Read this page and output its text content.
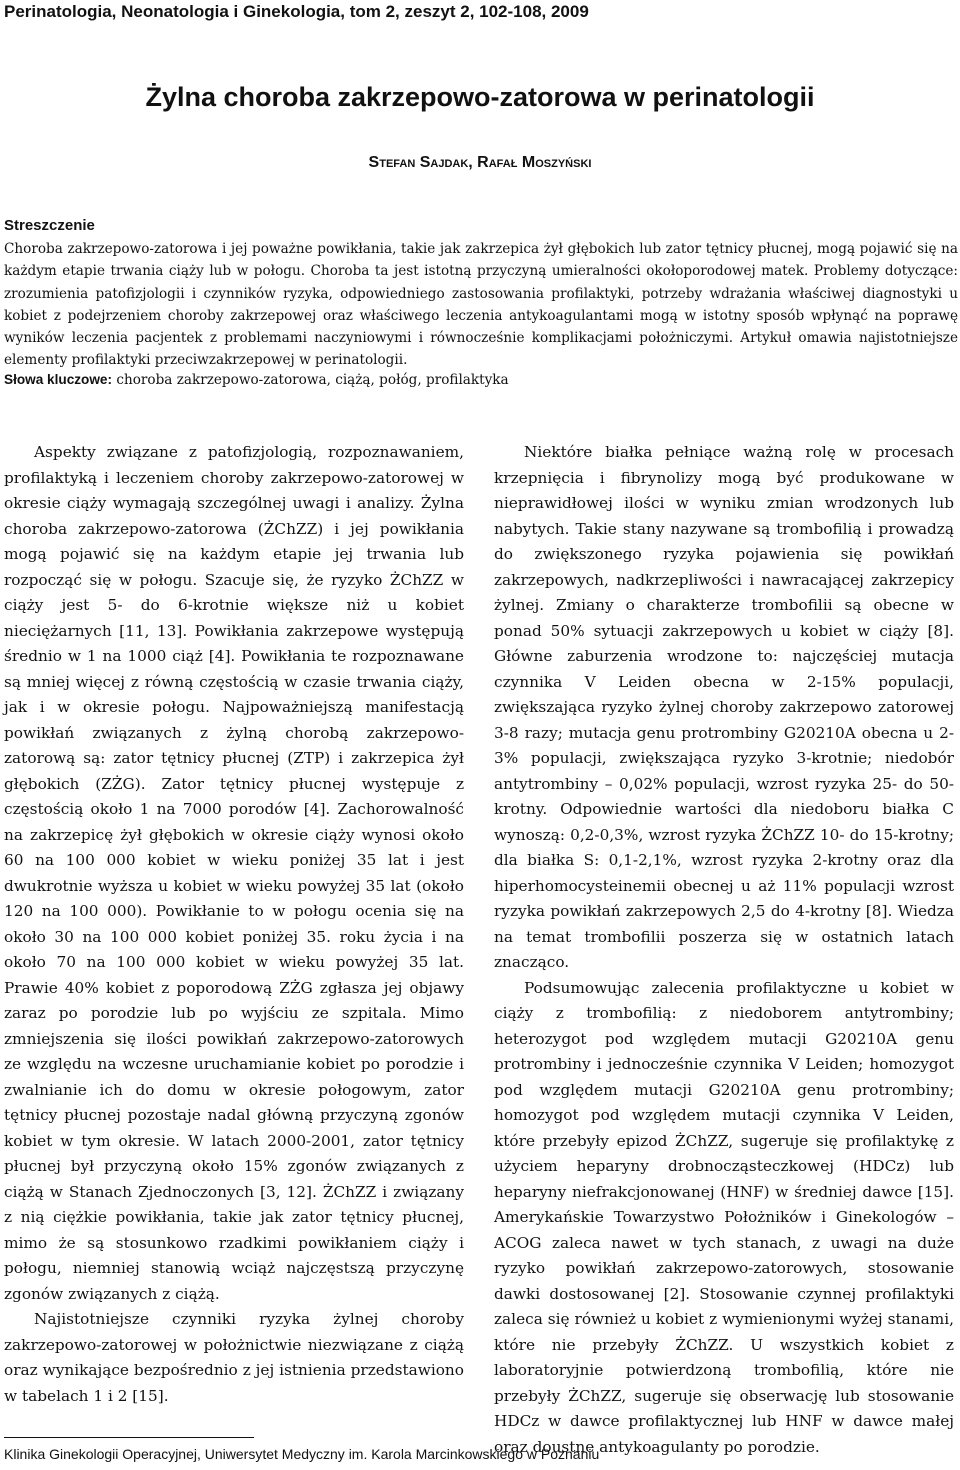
Perinatologia, Neonatologia i Ginekologia, tom 2, zeszyt 2, 102-108, 2009
Żylna choroba zakrzepowo-zatorowa w perinatologii
Stefan Sajdak, Rafał Moszyński
Streszczenie
Choroba zakrzepowo-zatorowa i jej poważne powikłania, takie jak zakrzepica żył głębokich lub zator tętnicy płucnej, mogą pojawić się na każdym etapie trwania ciąży lub w połogu. Choroba ta jest istotną przyczyną umieralności okołoporodowej matek. Problemy dotyczące: zrozumienia patofizjologii i czynników ryzyka, odpowiedniego zastosowania profilaktyki, potrzeby wdrażania właściwej diagnostyki u kobiet z podejrzeniem choroby zakrzepowej oraz właściwego leczenia antykoagulantami mogą w istotny sposób wpłynąć na poprawę wyników leczenia pacjentek z problemami naczyniowymi i równocześnie komplikacjami położniczymi. Artykuł omawia najistotniejsze elementy profilaktyki przeciwzakrzepowej w perinatologii.
Słowa kluczowe: choroba zakrzepowo-zatorowa, ciążą, połóg, profilaktyka

Aspekty związane z patofizjologią, rozpoznawaniem, profilaktyką i leczeniem choroby zakrzepowo-zatorowej w okresie ciąży wymagają szczególnej uwagi i analizy. Żylna choroba zakrzepowo-zatorowa (ŻChZZ) i jej powikłania mogą pojawić się na każdym etapie jej trwania lub rozpocząć się w połogu. Szacuje się, że ryzyko ŻChZZ w ciąży jest 5- do 6-krotnie większe niż u kobiet nieciężarnych [11, 13]. Powikłania zakrzepowe występują średnio w 1 na 1000 ciąż [4]. Powikłania te rozpoznawane są mniej więcej z równą częstością w czasie trwania ciąży, jak i w okresie połogu. Najpoważniejszą manifestacją powikłań związanych z żylną chorobą zakrzepowo-zatorową są: zator tętnicy płucnej (ZTP) i zakrzepica żył głębokich (ZŻG). Zator tętnicy płucnej występuje z częstością około 1 na 7000 porodów [4]. Zachorowalność na zakrzepicę żył głębokich w okresie ciąży wynosi około 60 na 100 000 kobiet w wieku poniżej 35 lat i jest dwukrotnie wyższa u kobiet w wieku powyżej 35 lat (około 120 na 100 000). Powikłanie to w połogu ocenia się na około 30 na 100 000 kobiet poniżej 35. roku życia i na około 70 na 100 000 kobiet w wieku powyżej 35 lat. Prawie 40% kobiet z poporodową ZŻG zgłasza jej objawy zaraz po porodzie lub po wyjściu ze szpitala. Mimo zmniejszenia się ilości powikłań zakrzepowo-zatorowych ze względu na wczesne uruchamianie kobiet po porodzie i zwalnianie ich do domu w okresie połogowym, zator tętnicy płucnej pozostaje nadal główną przyczyną zgonów kobiet w tym okresie. W latach 2000-2001, zator tętnicy płucnej był przyczyną około 15% zgonów związanych z ciążą w Stanach Zjednoczonych [3, 12]. ŻChZZ i związany z nią ciężkie powikłania, takie jak zator tętnicy płucnej, mimo że są stosunkowo rzadkimi powikłaniem ciąży i połogu, niemniej stanowią wciąż najczęstszą przyczynę zgonów związanych z ciążą.

Najistotniejsze czynniki ryzyka żylnej choroby zakrzepowo-zatorowej w położnictwie niezwiązane z ciążą oraz wynikające bezpośrednio z jej istnienia przedstawiono w tabelach 1 i 2 [15].

Niektóre białka pełniące ważną rolę w procesach krzepnięcia i fibrynolizy mogą być produkowane w nieprawidłowej ilości w wyniku zmian wrodzonych lub nabytych. Takie stany nazywane są trombofilią i prowadzą do zwiększonego ryzyka pojawienia się powikłań zakrzepowych, nadkrzepliwości i nawracającej zakrzepicy żylnej. Zmiany o charakterze trombofilii są obecne w ponad 50% sytuacji zakrzepowych u kobiet w ciąży [8]. Główne zaburzenia wrodzone to: najczęściej mutacja czynnika V Leiden obecna w 2-15% populacji, zwiększająca ryzyko żylnej choroby zakrzepowo zatorowej 3-8 razy; mutacja genu protrombiny G20210A obecna u 2-3% populacji, zwiększająca ryzyko 3-krotnie; niedobór antytrombiny – 0,02% populacji, wzrost ryzyka 25- do 50-krotny. Odpowiednie wartości dla niedoboru białka C wynoszą: 0,2-0,3%, wzrost ryzyka ŻChZZ 10- do 15-krotny; dla białka S: 0,1-2,1%, wzrost ryzyka 2-krotny oraz dla hiperhomocysteinemii obecnej u aż 11% populacji wzrost ryzyka powikłań zakrzepowych 2,5 do 4-krotny [8]. Wiedza na temat trombofilii poszerza się w ostatnich latach znacząco.

Podsumowując zalecenia profilaktyczne u kobiet w ciąży z trombofilią: z niedoborem antytrombiny; heterozygot pod względem mutacji G20210A genu protrombiny i jednocześnie czynnika V Leiden; homozygot pod względem mutacji G20210A genu protrombiny; homozygot pod względem mutacji czynnika V Leiden, które przebyły epizod ŻChZZ, sugeruje się profilaktykę z użyciem heparyny drobnocząsteczkowej (HDCz) lub heparyny niefrakcjonowanej (HNF) w średniej dawce [15]. Amerykańskie Towarzystwo Położników i Ginekologów – ACOG zaleca nawet w tych stanach, z uwagi na duże ryzyko powikłań zakrzepowo-zatorowych, stosowanie dawki dostosowanej [2]. Stosowanie czynnej profilaktyki zaleca się również u kobiet z wymienionymi wyżej stanami, które nie przebyły ŻChZZ. U wszystkich kobiet z laboratoryjnie potwierdzoną trombofilią, które nie przebyły ŻChZZ, sugeruje się obserwację lub stosowanie HDCz w dawce profilaktycznej lub HNF w dawce małej oraz doustne antykoagulanty po porodzie.

Klinika Ginekologii Operacyjnej, Uniwersytet Medyczny im. Karola Marcinkowskiego w Poznaniu
